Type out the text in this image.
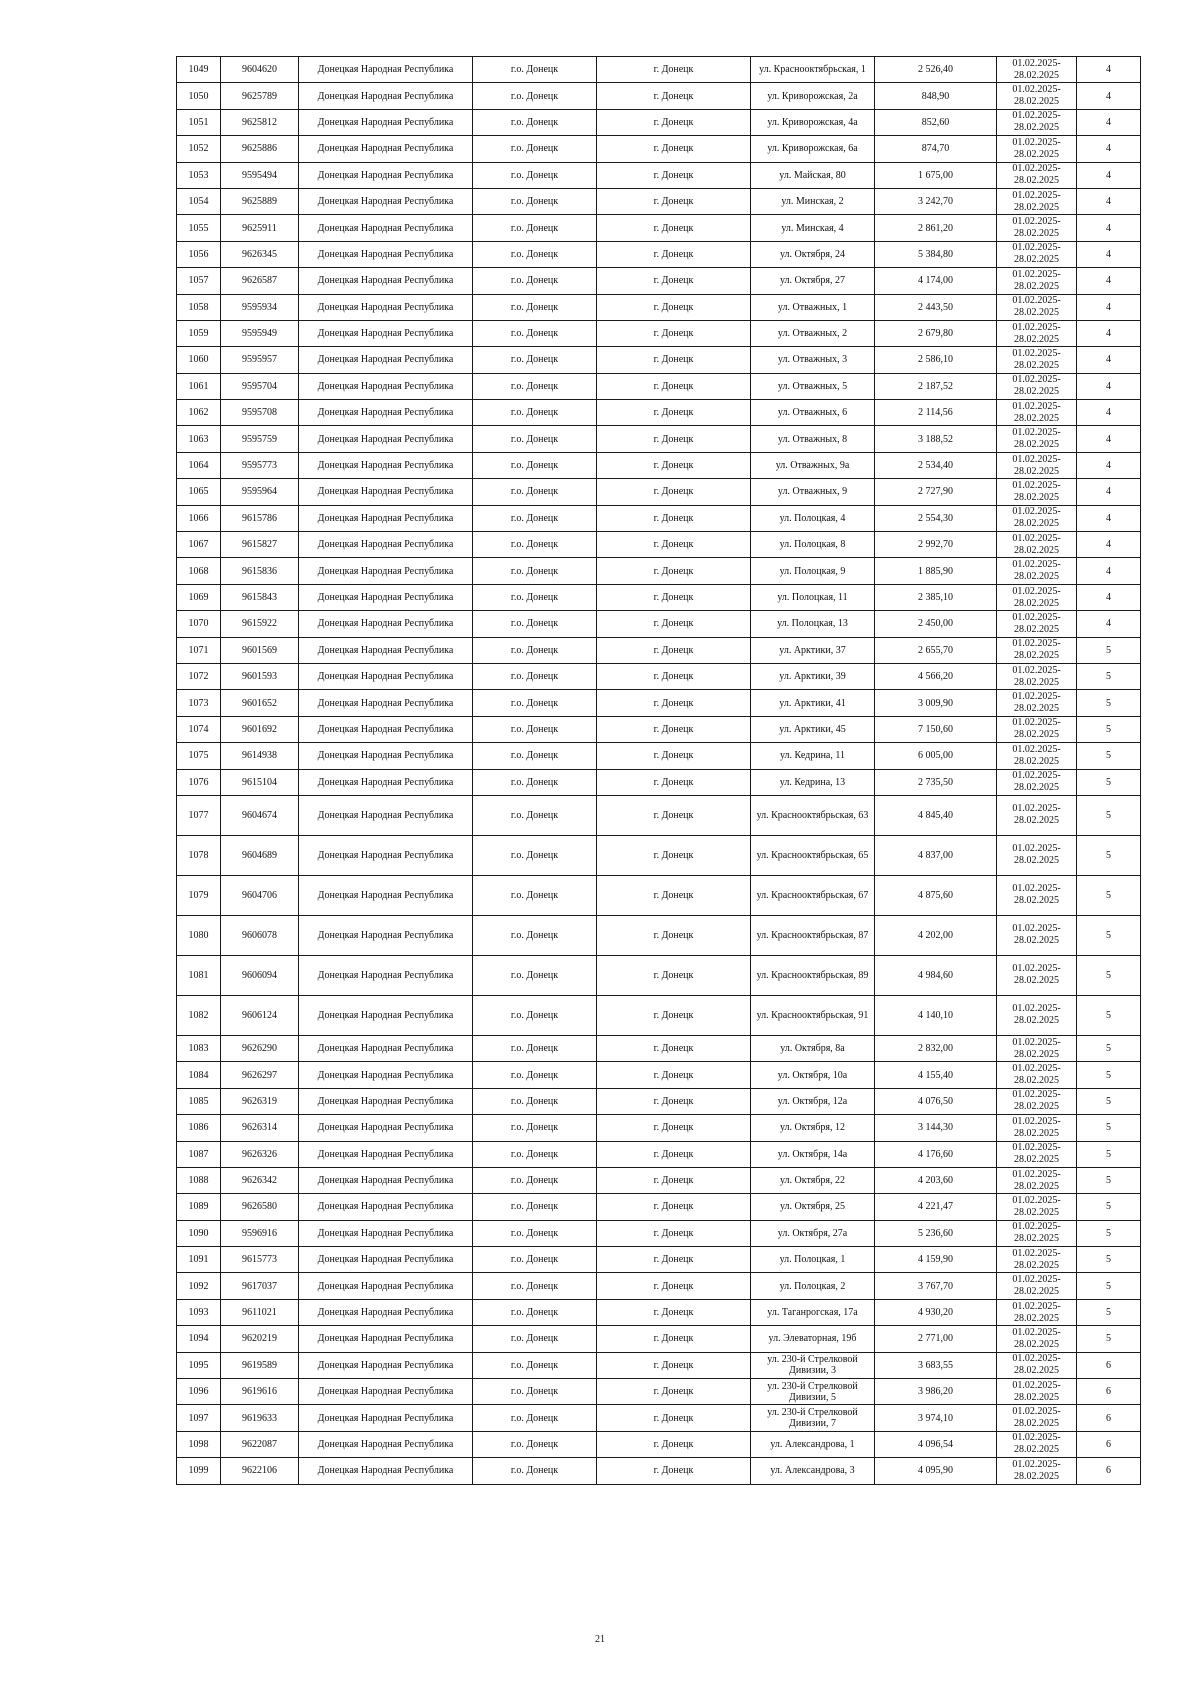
1049	9604620	Донецкая Народная Республика	г.о. Донецк	г. Донецк	ул. Краснооктябрьская, 1	2 526,40	01.02.2025-28.02.2025	4
1050	9625789	Донецкая Народная Республика	г.о. Донецк	г. Донецк	ул. Криворожская, 2а	848,90	01.02.2025-28.02.2025	4
1051	9625812	Донецкая Народная Республика	г.о. Донецк	г. Донецк	ул. Криворожская, 4а	852,60	01.02.2025-28.02.2025	4
1052	9625886	Донецкая Народная Республика	г.о. Донецк	г. Донецк	ул. Криворожская, 6а	874,70	01.02.2025-28.02.2025	4
1053	9595494	Донецкая Народная Республика	г.о. Донецк	г. Донецк	ул. Майская, 80	1 675,00	01.02.2025-28.02.2025	4
1054	9625889	Донецкая Народная Республика	г.о. Донецк	г. Донецк	ул. Минская, 2	3 242,70	01.02.2025-28.02.2025	4
1055	9625911	Донецкая Народная Республика	г.о. Донецк	г. Донецк	ул. Минская, 4	2 861,20	01.02.2025-28.02.2025	4
1056	9626345	Донецкая Народная Республика	г.о. Донецк	г. Донецк	ул. Октября, 24	5 384,80	01.02.2025-28.02.2025	4
1057	9626587	Донецкая Народная Республика	г.о. Донецк	г. Донецк	ул. Октября, 27	4 174,00	01.02.2025-28.02.2025	4
1058	9595934	Донецкая Народная Республика	г.о. Донецк	г. Донецк	ул. Отважных, 1	2 443,50	01.02.2025-28.02.2025	4
1059	9595949	Донецкая Народная Республика	г.о. Донецк	г. Донецк	ул. Отважных, 2	2 679,80	01.02.2025-28.02.2025	4
1060	9595957	Донецкая Народная Республика	г.о. Донецк	г. Донецк	ул. Отважных, 3	2 586,10	01.02.2025-28.02.2025	4
1061	9595704	Донецкая Народная Республика	г.о. Донецк	г. Донецк	ул. Отважных, 5	2 187,52	01.02.2025-28.02.2025	4
1062	9595708	Донецкая Народная Республика	г.о. Донецк	г. Донецк	ул. Отважных, 6	2 114,56	01.02.2025-28.02.2025	4
1063	9595759	Донецкая Народная Республика	г.о. Донецк	г. Донецк	ул. Отважных, 8	3 188,52	01.02.2025-28.02.2025	4
1064	9595773	Донецкая Народная Республика	г.о. Донецк	г. Донецк	ул. Отважных, 9а	2 534,40	01.02.2025-28.02.2025	4
1065	9595964	Донецкая Народная Республика	г.о. Донецк	г. Донецк	ул. Отважных, 9	2 727,90	01.02.2025-28.02.2025	4
1066	9615786	Донецкая Народная Республика	г.о. Донецк	г. Донецк	ул. Полоцкая, 4	2 554,30	01.02.2025-28.02.2025	4
1067	9615827	Донецкая Народная Республика	г.о. Донецк	г. Донецк	ул. Полоцкая, 8	2 992,70	01.02.2025-28.02.2025	4
1068	9615836	Донецкая Народная Республика	г.о. Донецк	г. Донецк	ул. Полоцкая, 9	1 885,90	01.02.2025-28.02.2025	4
1069	9615843	Донецкая Народная Республика	г.о. Донецк	г. Донецк	ул. Полоцкая, 11	2 385,10	01.02.2025-28.02.2025	4
1070	9615922	Донецкая Народная Республика	г.о. Донецк	г. Донецк	ул. Полоцкая, 13	2 450,00	01.02.2025-28.02.2025	4
1071	9601569	Донецкая Народная Республика	г.о. Донецк	г. Донецк	ул. Арктики, 37	2 655,70	01.02.2025-28.02.2025	5
1072	9601593	Донецкая Народная Республика	г.о. Донецк	г. Донецк	ул. Арктики, 39	4 566,20	01.02.2025-28.02.2025	5
1073	9601652	Донецкая Народная Республика	г.о. Донецк	г. Донецк	ул. Арктики, 41	3 009,90	01.02.2025-28.02.2025	5
1074	9601692	Донецкая Народная Республика	г.о. Донецк	г. Донецк	ул. Арктики, 45	7 150,60	01.02.2025-28.02.2025	5
1075	9614938	Донецкая Народная Республика	г.о. Донецк	г. Донецк	ул. Кедрина, 11	6 005,00	01.02.2025-28.02.2025	5
1076	9615104	Донецкая Народная Республика	г.о. Донецк	г. Донецк	ул. Кедрина, 13	2 735,50	01.02.2025-28.02.2025	5
1077	9604674	Донецкая Народная Республика	г.о. Донецк	г. Донецк	ул. Краснооктябрьская, 63	4 845,40	01.02.2025-28.02.2025	5
1078	9604689	Донецкая Народная Республика	г.о. Донецк	г. Донецк	ул. Краснооктябрьская, 65	4 837,00	01.02.2025-28.02.2025	5
1079	9604706	Донецкая Народная Республика	г.о. Донецк	г. Донецк	ул. Краснооктябрьская, 67	4 875,60	01.02.2025-28.02.2025	5
1080	9606078	Донецкая Народная Республика	г.о. Донецк	г. Донецк	ул. Краснооктябрьская, 87	4 202,00	01.02.2025-28.02.2025	5
1081	9606094	Донецкая Народная Республика	г.о. Донецк	г. Донецк	ул. Краснооктябрьская, 89	4 984,60	01.02.2025-28.02.2025	5
1082	9606124	Донецкая Народная Республика	г.о. Донецк	г. Донецк	ул. Краснооктябрьская, 91	4 140,10	01.02.2025-28.02.2025	5
1083	9626290	Донецкая Народная Республика	г.о. Донецк	г. Донецк	ул. Октября, 8а	2 832,00	01.02.2025-28.02.2025	5
1084	9626297	Донецкая Народная Республика	г.о. Донецк	г. Донецк	ул. Октября, 10а	4 155,40	01.02.2025-28.02.2025	5
1085	9626319	Донецкая Народная Республика	г.о. Донецк	г. Донецк	ул. Октября, 12а	4 076,50	01.02.2025-28.02.2025	5
1086	9626314	Донецкая Народная Республика	г.о. Донецк	г. Донецк	ул. Октября, 12	3 144,30	01.02.2025-28.02.2025	5
1087	9626326	Донецкая Народная Республика	г.о. Донецк	г. Донецк	ул. Октября, 14а	4 176,60	01.02.2025-28.02.2025	5
1088	9626342	Донецкая Народная Республика	г.о. Донецк	г. Донецк	ул. Октября, 22	4 203,60	01.02.2025-28.02.2025	5
1089	9626580	Донецкая Народная Республика	г.о. Донецк	г. Донецк	ул. Октября, 25	4 221,47	01.02.2025-28.02.2025	5
1090	9596916	Донецкая Народная Республика	г.о. Донецк	г. Донецк	ул. Октября, 27а	5 236,60	01.02.2025-28.02.2025	5
1091	9615773	Донецкая Народная Республика	г.о. Донецк	г. Донецк	ул. Полоцкая, 1	4 159,90	01.02.2025-28.02.2025	5
1092	9617037	Донецкая Народная Республика	г.о. Донецк	г. Донецк	ул. Полоцкая, 2	3 767,70	01.02.2025-28.02.2025	5
1093	9611021	Донецкая Народная Республика	г.о. Донецк	г. Донецк	ул. Таганрогская, 17а	4 930,20	01.02.2025-28.02.2025	5
1094	9620219	Донецкая Народная Республика	г.о. Донецк	г. Донецк	ул. Элеваторная, 19б	2 771,00	01.02.2025-28.02.2025	5
1095	9619589	Донецкая Народная Республика	г.о. Донецк	г. Донецк	ул. 230-й Стрелковой Дивизии, 3	3 683,55	01.02.2025-28.02.2025	6
1096	9619616	Донецкая Народная Республика	г.о. Донецк	г. Донецк	ул. 230-й Стрелковой Дивизии, 5	3 986,20	01.02.2025-28.02.2025	6
1097	9619633	Донецкая Народная Республика	г.о. Донецк	г. Донецк	ул. 230-й Стрелковой Дивизии, 7	3 974,10	01.02.2025-28.02.2025	6
1098	9622087	Донецкая Народная Республика	г.о. Донецк	г. Донецк	ул. Александрова, 1	4 096,54	01.02.2025-28.02.2025	6
1099	9622106	Донецкая Народная Республика	г.о. Донецк	г. Донецк	ул. Александрова, 3	4 095,90	01.02.2025-28.02.2025	6
21
